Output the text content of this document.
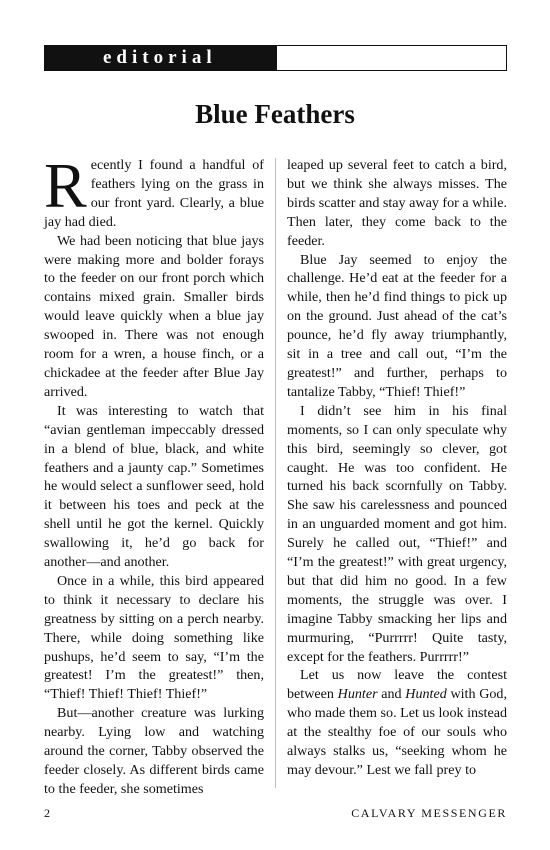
editorial
Blue Feathers

Recently I found a handful of feathers lying on the grass in our front yard. Clearly, a blue jay had died.

We had been noticing that blue jays were making more and bolder forays to the feeder on our front porch which contains mixed grain. Smaller birds would leave quickly when a blue jay swooped in. There was not enough room for a wren, a house finch, or a chickadee at the feeder after Blue Jay arrived.

It was interesting to watch that “avian gentleman impeccably dressed in a blend of blue, black, and white feathers and a jaunty cap.” Sometimes he would select a sunflower seed, hold it between his toes and peck at the shell until he got the kernel. Quickly swallowing it, he’d go back for another—and another.

Once in a while, this bird appeared to think it necessary to declare his greatness by sitting on a perch nearby. There, while doing something like pushups, he’d seem to say, “I’m the greatest! I’m the greatest!” then, “Thief! Thief! Thief! Thief!”

But—another creature was lurking nearby. Lying low and watching around the corner, Tabby observed the feeder closely. As different birds came to the feeder, she sometimes

leaped up several feet to catch a bird, but we think she always misses. The birds scatter and stay away for a while. Then later, they come back to the feeder.

Blue Jay seemed to enjoy the challenge. He’d eat at the feeder for a while, then he’d find things to pick up on the ground. Just ahead of the cat’s pounce, he’d fly away triumphantly, sit in a tree and call out, “I’m the greatest!” and further, perhaps to tantalize Tabby, “Thief! Thief!”

I didn’t see him in his final moments, so I can only speculate why this bird, seemingly so clever, got caught. He was too confident. He turned his back scornfully on Tabby. She saw his carelessness and pounced in an unguarded moment and got him. Surely he called out, “Thief!” and “I’m the greatest!” with great urgency, but that did him no good. In a few moments, the struggle was over. I imagine Tabby smacking her lips and murmuring, “Purrrrr! Quite tasty, except for the feathers. Purrrrr!”

Let us now leave the contest between Hunter and Hunted with God, who made them so. Let us look instead at the stealthy foe of our souls who always stalks us, “seeking whom he may devour.” Lest we fall prey to

2	CALVARY MESSENGER
